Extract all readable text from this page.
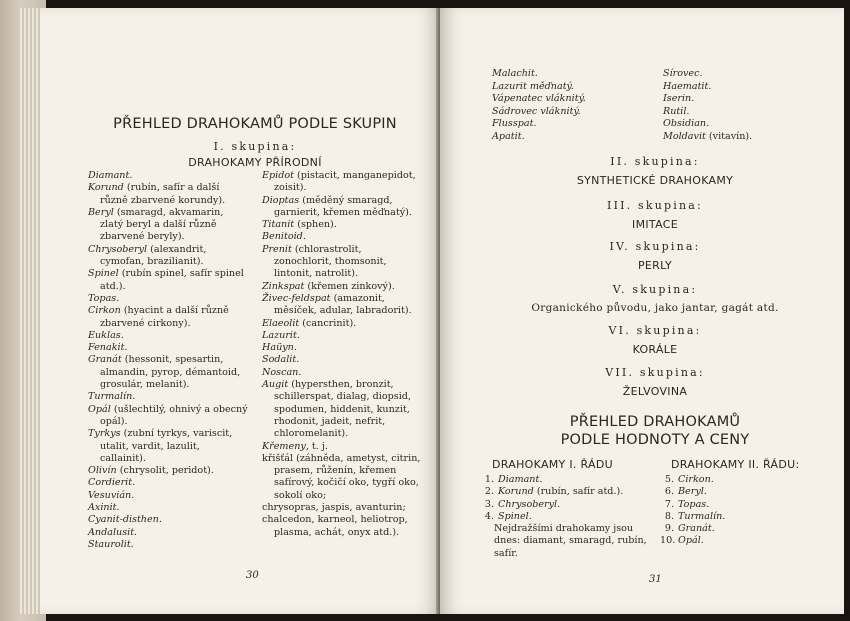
PŘEHLED DRAHOKAMŮ PODLE SKUPIN
I. skupina:
DRAHOKAMY PŘÍRODNÍ
Diamant.
Korund (rubín, safír a další různě zbarvené korundy).
Beryl (smaragd, akvamarin, zlatý beryl a další různě zbarvené beryly).
Chrysoberyl (alexandrit, cymofan, brazilianit).
Spinel (rubín spinel, safír spinel atd.).
Topas.
Cirkon (hyacint a další různě zbarvené cirkony).
Euklas.
Fenakit.
Granát (hessonit, spesartin, almandin, pyrop, démantoid, grosulár, melanit).
Turmalín.
Opál (ušlechtilý, ohnivý a obecný opál).
Tyrkys (zubní tyrkys, variscit, utalit, vardit, lazulit, callainit).
Olivín (chrysolit, peridot).
Cordierit.
Vesuvián.
Axinit.
Cyanit-disthen.
Andalusit.
Staurolit.
Epidot (pistacit, manganepidot, zoisit).
Dioptas (měděný smaragd, garnierit, křemen měďnatý).
Titanit (sphen).
Benitoid.
Prenit (chlorastrolit, zonochlorit, thomsonit, lintonit, natrolit).
Zinkspat (křemen zinkový).
Živec-feldspat (amazonit, měsíček, adular, labradorit).
Elaeolit (cancrinit).
Lazurit.
Haüyn.
Sodalit.
Noscan.
Augit (hypersthen, bronzit, schillerspat, dialag, diopsid, spodumen, hiddenit, kunzit, rhodonit, jadeit, nefrit, chloromelanit).
Křemeny, t. j.
křišťál (záhněda, ametyst, citrin, prasem, růženín, křemen safírový, kočičí oko, tygří oko, sokolí oko;
chrysopras, jaspis, avanturin;
chalcedon, karneol, heliotrop, plasma, achát, onyx atd.).
30
Malachit.
Lazurit měďnatý.
Vápenatec vláknitý.
Sádrovec vláknitý.
Flusspat.
Apatit.
Sírovec.
Haematit.
Iserin.
Rutil.
Obsidian.
Moldavit (vitavín).
II. skupina:
SYNTHETICKÉ DRAHOKAMY
III. skupina:
IMITACE
IV. skupina:
PERLY
V. skupina:
Organického původu, jako jantar, gagát atd.
VI. skupina:
KORÁLE
VII. skupina:
ŽELVOVINA
PŘEHLED DRAHOKAMŮ
PODLE HODNOTY A CENY
DRAHOKAMY I. ŘÁDU	DRAHOKAMY II. ŘÁDU:
1. Diamant.
2. Korund (rubín, safír atd.).
3. Chrysoberyl.
4. Spinel.
Nejdražšími drahokamy jsou dnes: diamant, smaragd, rubín, safír.
5. Cirkon.
6. Beryl.
7. Topas.
8. Turmalín.
9. Granát.
10. Opál.
31
